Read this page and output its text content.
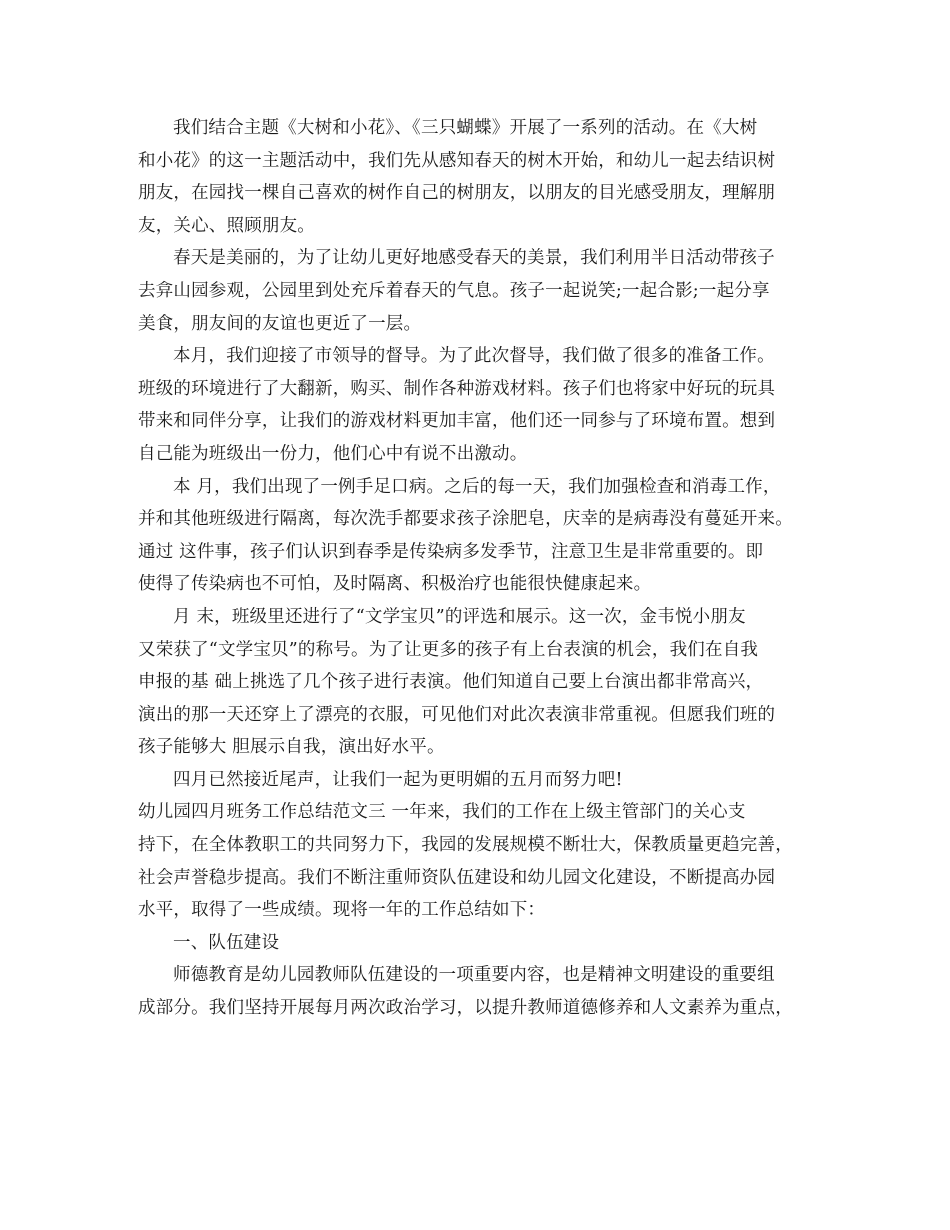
我们结合主题《大树和小花》、《三只蝴蝶》开展了一系列的活动。在《大树
和小花》的这一主题活动中，我们先从感知春天的树木开始，和幼儿一起去结识树
朋友，在园找一棵自己喜欢的树作自己的树朋友，以朋友的目光感受朋友，理解朋
友，关心、照顾朋友。
春天是美丽的，为了让幼儿更好地感受春天的美景，我们利用半日活动带孩子
去弇山园参观，公园里到处充斥着春天的气息。孩子一起说笑;一起合影;一起分享
美食，朋友间的友谊也更近了一层。
本月，我们迎接了市领导的督导。为了此次督导，我们做了很多的准备工作。
班级的环境进行了大翻新，购买、制作各种游戏材料。孩子们也将家中好玩的玩具
带来和同伴分享，让我们的游戏材料更加丰富，他们还一同参与了环境布置。想到
自己能为班级出一份力，他们心中有说不出激动。
本 月，我们出现了一例手足口病。之后的每一天，我们加强检查和消毒工作，
并和其他班级进行隔离，每次洗手都要求孩子涂肥皂，庆幸的是病毒没有蔓延开来。
通过 这件事，孩子们认识到春季是传染病多发季节，注意卫生是非常重要的。即
使得了传染病也不可怕，及时隔离、积极治疗也能很快健康起来。
月 末，班级里还进行了“文学宝贝”的评选和展示。这一次，金韦悦小朋友
又荣获了“文学宝贝”的称号。为了让更多的孩子有上台表演的机会，我们在自我
申报的基 础上挑选了几个孩子进行表演。他们知道自己要上台演出都非常高兴，
演出的那一天还穿上了漂亮的衣服，可见他们对此次表演非常重视。但愿我们班的
孩子能够大 胆展示自我，演出好水平。
四月已然接近尾声，让我们一起为更明媚的五月而努力吧!
幼儿园四月班务工作总结范文三 一年来，我们的工作在上级主管部门的关心支
持下，在全体教职工的共同努力下，我园的发展规模不断壮大，保教质量更趋完善，
社会声誉稳步提高。我们不断注重师资队伍建设和幼儿园文化建设，不断提高办园
水平，取得了一些成绩。现将一年的工作总结如下：
一、队伍建设
师德教育是幼儿园教师队伍建设的一项重要内容，也是精神文明建设的重要组
成部分。我们坚持开展每月两次政治学习，以提升教师道德修养和人文素养为重点，
